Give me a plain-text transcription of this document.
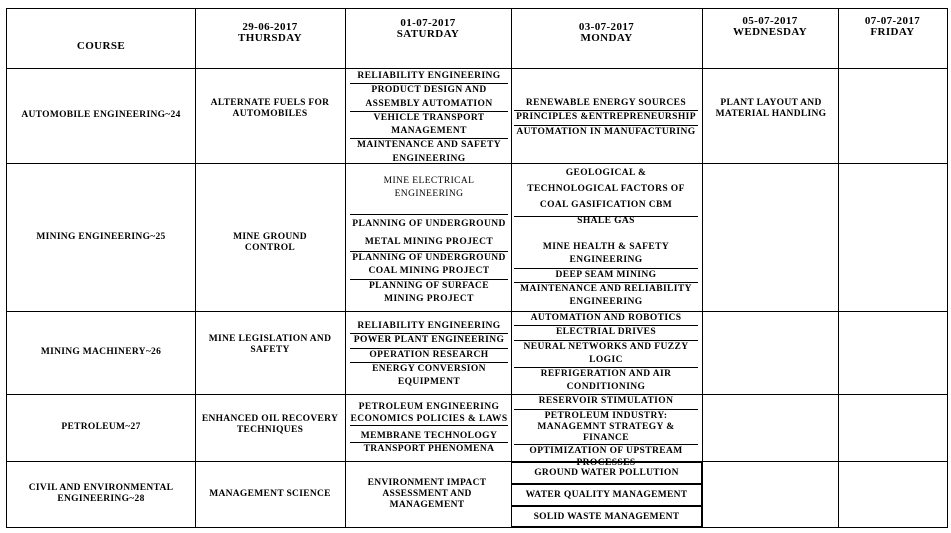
COURSE
29-06-2017
THURSDAY
01-07-2017
SATURDAY
03-07-2017
MONDAY
05-07-2017
WEDNESDAY
07-07-2017
FRIDAY
AUTOMOBILE ENGINEERING~24
ALTERNATE FUELS FOR AUTOMOBILES
RELIABILITY ENGINEERING
PRODUCT DESIGN AND ASSEMBLY AUTOMATION
VEHICLE TRANSPORT MANAGEMENT
MAINTENANCE AND SAFETY ENGINEERING
RENEWABLE ENERGY SOURCES
PRINCIPLES &ENTREPRENEURSHIP
AUTOMATION IN MANUFACTURING
PLANT LAYOUT AND MATERIAL HANDLING
MINING ENGINEERING~25	MINE GROUND CONTROL
MINE ELECTRICAL ENGINEERING
PLANNING OF UNDERGROUND METAL MINING PROJECT
PLANNING OF UNDERGROUND COAL MINING PROJECT
PLANNING OF SURFACE MINING PROJECT
GEOLOGICAL & TECHNOLOGICAL FACTORS OF COAL GASIFICATION CBM SHALE GAS
MINE HEALTH & SAFETY ENGINEERING
DEEP SEAM MINING
MAINTENANCE AND RELIABILITY ENGINEERING
MINING MACHINERY~26
MINE LEGISLATION AND SAFETY
RELIABILITY ENGINEERING
POWER PLANT ENGINEERING
OPERATION RESEARCH
ENERGY CONVERSION EQUIPMENT
AUTOMATION AND ROBOTICS
ELECTRIAL DRIVES
NEURAL NETWORKS AND FUZZY LOGIC
REFRIGERATION AND AIR CONDITIONING
PETROLEUM~27
ENHANCED OIL RECOVERY TECHNIQUES
PETROLEUM ENGINEERING
ECONOMICS POLICIES & LAWS
MEMBRANE TECHNOLOGY
TRANSPORT PHENOMENA
RESERVOIR STIMULATION
PETROLEUM INDUSTRY: MANAGEMNT STRATEGY & FINANCE
OPTIMIZATION OF UPSTREAM PROCESSES
CIVIL AND ENVIRONMENTAL ENGINEERING~28
MANAGEMENT SCIENCE
ENVIRONMENT IMPACT ASSESSMENT AND MANAGEMENT
GROUND WATER POLLUTION
WATER QUALITY MANAGEMENT
SOLID WASTE MANAGEMENT
